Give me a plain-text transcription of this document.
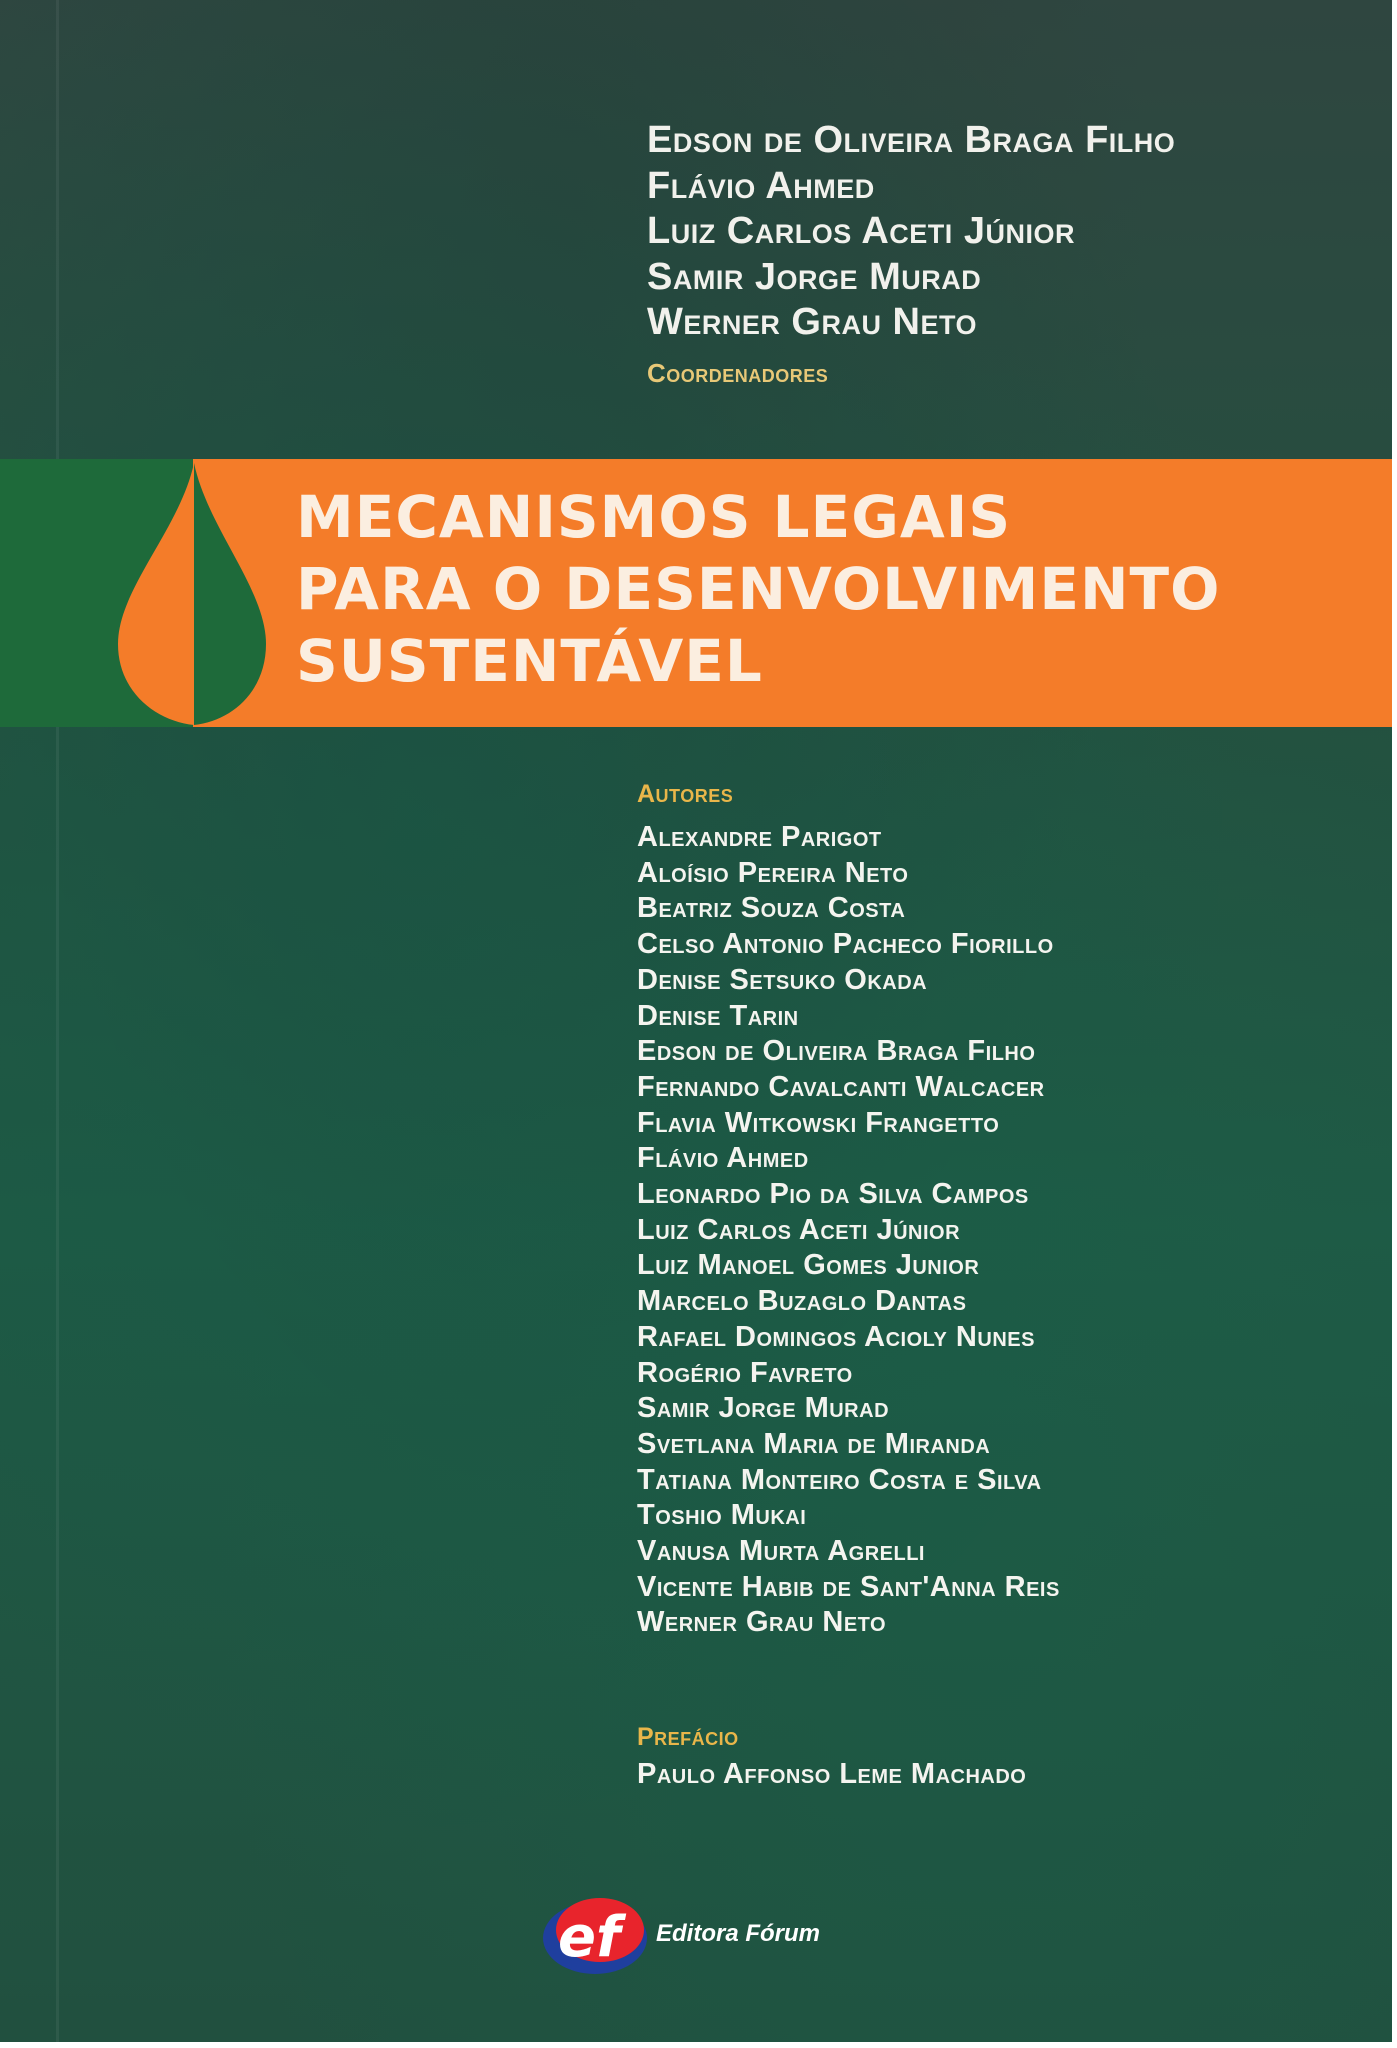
Edson de Oliveira Braga Filho
Flávio Ahmed
Luiz Carlos Aceti Júnior
Samir Jorge Murad
Werner Grau Neto
Coordenadores
MECANISMOS LEGAIS
PARA O DESENVOLVIMENTO
SUSTENTÁVEL
Autores
Alexandre Parigot
Aloísio Pereira Neto
Beatriz Souza Costa
Celso Antonio Pacheco Fiorillo
Denise Setsuko Okada
Denise Tarin
Edson de Oliveira Braga Filho
Fernando Cavalcanti Walcacer
Flavia Witkowski Frangetto
Flávio Ahmed
Leonardo Pio da Silva Campos
Luiz Carlos Aceti Júnior
Luiz Manoel Gomes Junior
Marcelo Buzaglo Dantas
Rafael Domingos Acioly Nunes
Rogério Favreto
Samir Jorge Murad
Svetlana Maria de Miranda
Tatiana Monteiro Costa e Silva
Toshio Mukai
Vanusa Murta Agrelli
Vicente Habib de Sant'Anna Reis
Werner Grau Neto
Prefácio
Paulo Affonso Leme Machado
ef Editora Fórum
